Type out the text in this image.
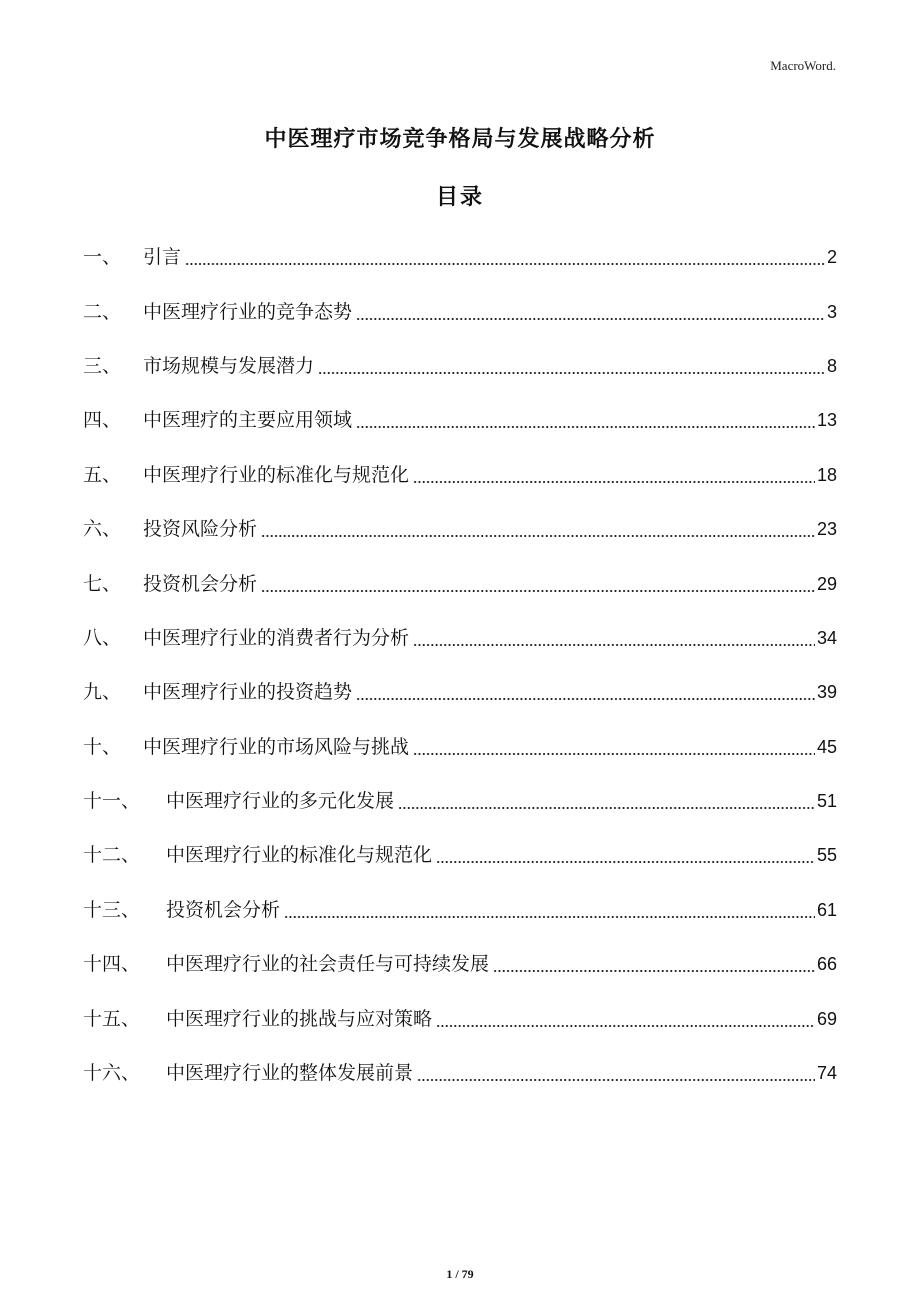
MacroWord.
中医理疗市场竞争格局与发展战略分析
目录
一、	引言	2
二、	中医理疗行业的竞争态势	3
三、	市场规模与发展潜力	8
四、	中医理疗的主要应用领域	13
五、	中医理疗行业的标准化与规范化	18
六、	投资风险分析	23
七、	投资机会分析	29
八、	中医理疗行业的消费者行为分析	34
九、	中医理疗行业的投资趋势	39
十、	中医理疗行业的市场风险与挑战	45
十一、	中医理疗行业的多元化发展	51
十二、	中医理疗行业的标准化与规范化	55
十三、	投资机会分析	61
十四、	中医理疗行业的社会责任与可持续发展	66
十五、	中医理疗行业的挑战与应对策略	69
十六、	中医理疗行业的整体发展前景	74
1 / 79
